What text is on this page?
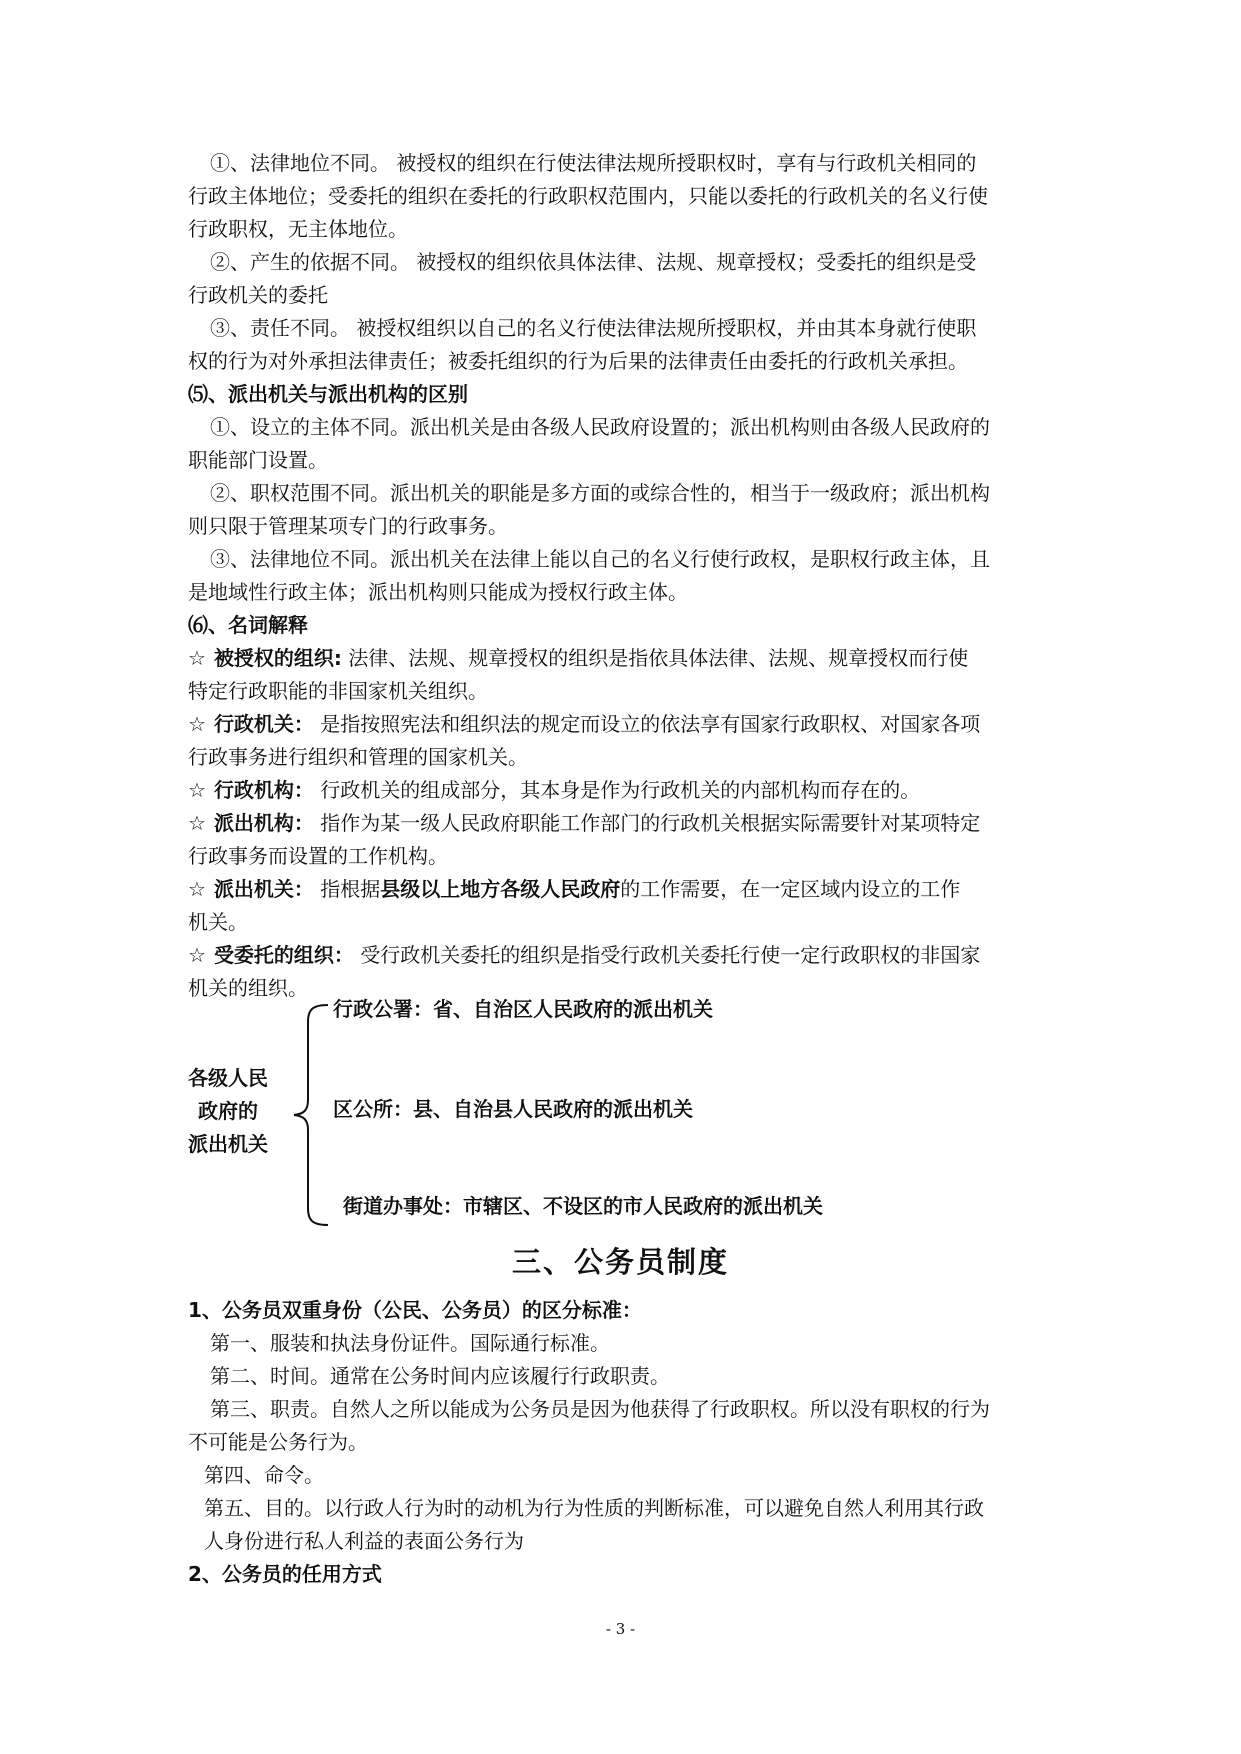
①、法律地位不同。 被授权的组织在行使法律法规所授职权时，享有与行政机关相同的
行政主体地位；受委托的组织在委托的行政职权范围内，只能以委托的行政机关的名义行使
行政职权，无主体地位。
②、产生的依据不同。 被授权的组织依具体法律、法规、规章授权；受委托的组织是受
行政机关的委托
③、责任不同。 被授权组织以自己的名义行使法律法规所授职权，并由其本身就行使职
权的行为对外承担法律责任；被委托组织的行为后果的法律责任由委托的行政机关承担。
⑸、派出机关与派出机构的区别
①、设立的主体不同。派出机关是由各级人民政府设置的；派出机构则由各级人民政府的
职能部门设置。
②、职权范围不同。派出机关的职能是多方面的或综合性的，相当于一级政府；派出机构
则只限于管理某项专门的行政事务。
③、法律地位不同。派出机关在法律上能以自己的名义行使行政权，是职权行政主体，且
是地域性行政主体；派出机构则只能成为授权行政主体。
⑹、名词解释
☆ 被授权的组织: 法律、法规、规章授权的组织是指依具体法律、法规、规章授权而行使
特定行政职能的非国家机关组织。
☆ 行政机关： 是指按照宪法和组织法的规定而设立的依法享有国家行政职权、对国家各项
行政事务进行组织和管理的国家机关。
☆ 行政机构： 行政机关的组成部分，其本身是作为行政机关的内部机构而存在的。
☆ 派出机构： 指作为某一级人民政府职能工作部门的行政机关根据实际需要针对某项特定
行政事务而设置的工作机构。
☆ 派出机关： 指根据县级以上地方各级人民政府的工作需要，在一定区域内设立的工作
机关。
☆ 受委托的组织： 受行政机关委托的组织是指受行政机关委托行使一定行政职权的非国家
机关的组织。
各级人民
政府的
派出机关
行政公署：省、自治区人民政府的派出机关
区公所：县、自治县人民政府的派出机关
街道办事处：市辖区、不设区的市人民政府的派出机关
三、公务员制度
1、公务员双重身份（公民、公务员）的区分标准：
第一、服装和执法身份证件。国际通行标准。
第二、时间。通常在公务时间内应该履行行政职责。
第三、职责。自然人之所以能成为公务员是因为他获得了行政职权。所以没有职权的行为
不可能是公务行为。
第四、命令。
第五、目的。以行政人行为时的动机为行为性质的判断标准，可以避免自然人利用其行政
人身份进行私人利益的表面公务行为
2、公务员的任用方式
- 3 -
